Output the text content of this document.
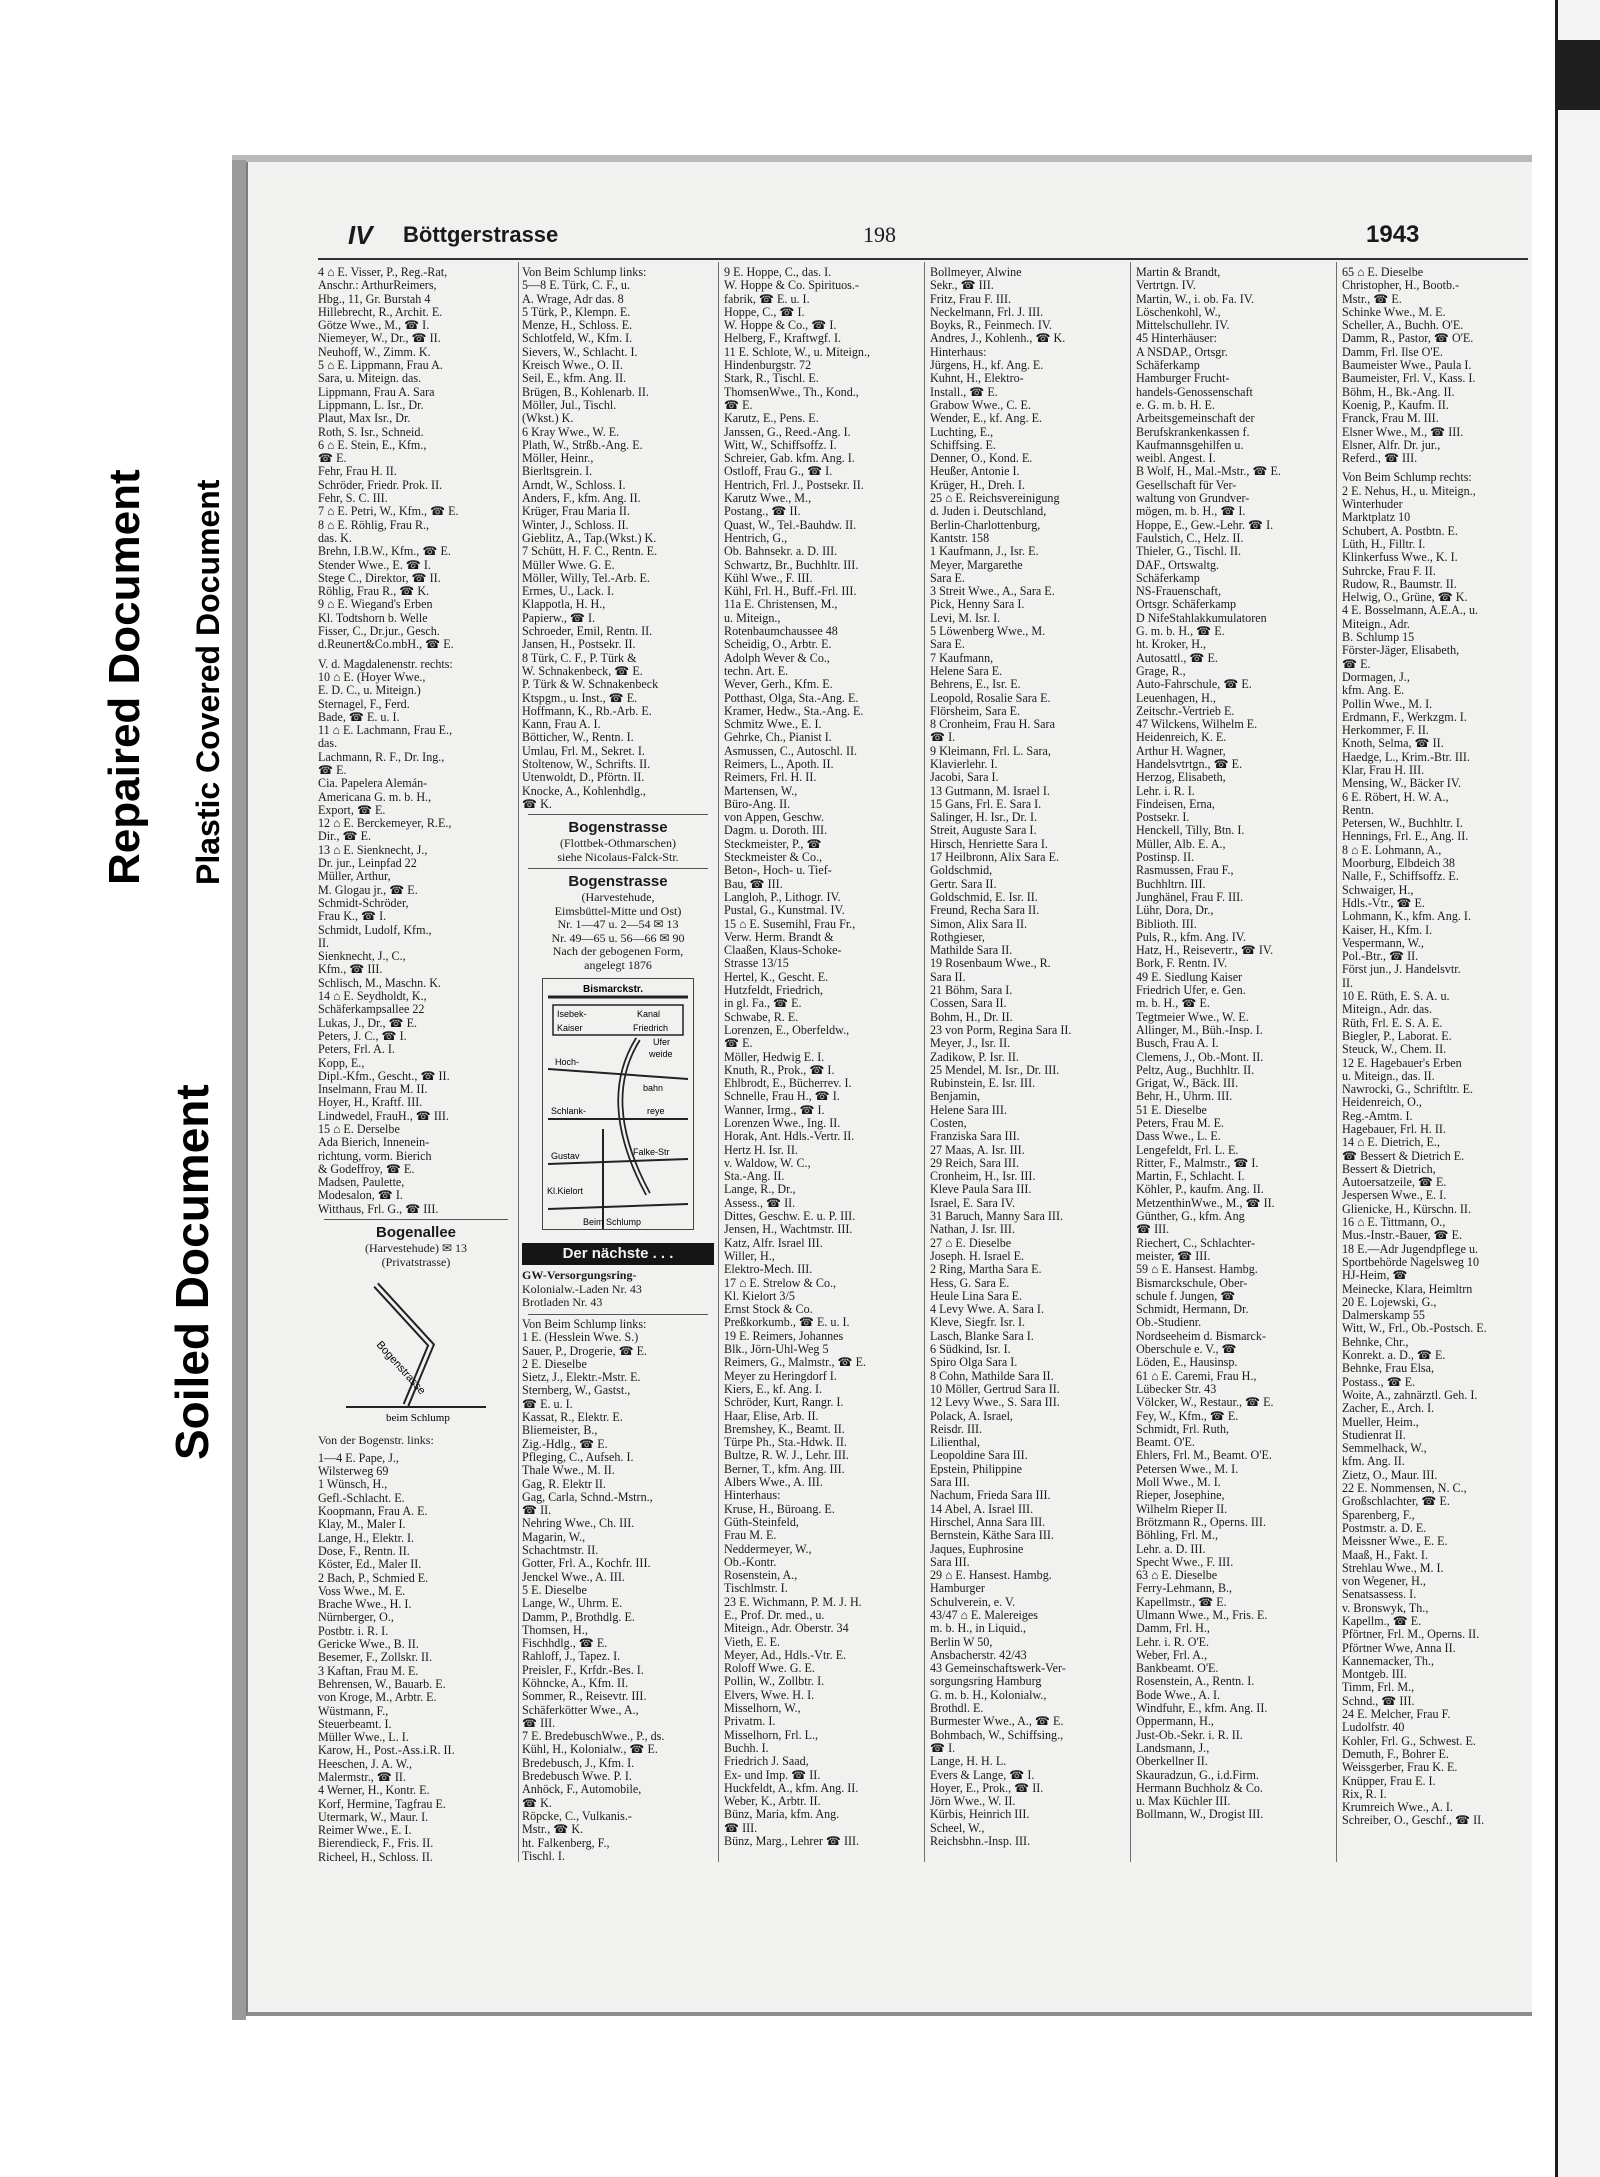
Repaired Document Plastic Covered Document
Soiled Document
IV Böttgerstrasse	198	1943
4 ⌂ E. Visser, P., Reg.-Rat,
Anschr.: ArthurReimers,
Hbg., 11, Gr. Burstah 4
Hillebrecht, R., Archit. E.
Götze Wwe., M., ☎ I.
Niemeyer, W., Dr., ☎ II.
Neuhoff, W., Zimm. K.
5 ⌂ E. Lippmann, Frau A.
Sara, u. Miteign. das.
Lippmann, Frau A. Sara
Lippmann, L. Isr., Dr.
Plaut, Max Isr., Dr.
Roth, S. Isr., Schneid.
6 ⌂ E. Stein, E., Kfm.,
☎ E.
Fehr, Frau H. II.
Schröder, Friedr. Prok. II.
Fehr, S. C. III.
7 ⌂ E. Petri, W., Kfm., ☎ E.
8 ⌂ E. Röhlig, Frau R.,
das. K.
Brehn, I.B.W., Kfm., ☎ E.
Stender Wwe., E. ☎ I.
Stege C., Direktor, ☎ II.
Röhlig, Frau R., ☎ K.
9 ⌂ E. Wiegand's Erben
Kl. Todtshorn b. Welle
Fisser, C., Dr.jur., Gesch.
d.Reunert&Co.mbH., ☎ E.
V. d. Magdalenenstr. rechts:
10 ⌂ E. (Hoyer Wwe.,
E. D. C., u. Miteign.)
Sternagel, F., Ferd.
Bade, ☎ E. u. I.
11 ⌂ E. Lachmann, Frau E.,
das.
Lachmann, R. F., Dr. Ing.,
☎ E.
Cia. Papelera Alemán-
Americana G. m. b. H.,
Export, ☎ E.
12 ⌂ E. Berckemeyer, R.E.,
Dir., ☎ E.
13 ⌂ E. Sienknecht, J.,
Dr. jur., Leinpfad 22
Müller, Arthur,
M. Glogau jr., ☎ E.
Schmidt-Schröder,
Frau K., ☎ I.
Schmidt, Ludolf, Kfm.,
II.
Sienknecht, J., C.,
Kfm., ☎ III.
Schlisch, M., Maschn. K.
14 ⌂ E. Seydholdt, K.,
Schäferkampsallee 22
Lukas, J., Dr., ☎ E.
Peters, J. C., ☎ I.
Peters, Frl. A. I.
Kopp, E.,
Dipl.-Kfm., Gescht., ☎ II.
Inselmann, Frau M. II.
Hoyer, H., Kraftf. III.
Lindwedel, FrauH., ☎ III.
15 ⌂ E. Derselbe
Ada Bierich, Innenein-
richtung, vorm. Bierich
& Godeffroy, ☎ E.
Madsen, Paulette,
Modesalon, ☎ I.
Witthaus, Frl. G., ☎ III.
Bogenallee
(Harvestehude) ✉ 13
(Privatstrasse)
Bogenstrasse
beim Schlump
Von der Bogenstr. links:
1—4 E. Pape, J.,
Wilsterweg 69
1 Wünsch, H.,
Gefl.-Schlacht. E.
Koopmann, Frau A. E.
Klay, M., Maler I.
Lange, H., Elektr. I.
Dose, F., Rentn. II.
Köster, Ed., Maler II.
2 Bach, P., Schmied E.
Voss Wwe., M. E.
Brache Wwe., H. I.
Nürnberger, O.,
Postbtr. i. R. I.
Gericke Wwe., B. II.
Besemer, F., Zollskr. II.
3 Kaftan, Frau M. E.
Behrensen, W., Bauarb. E.
von Kroge, M., Arbtr. E.
Wüstmann, F.,
Steuerbeamt. I.
Müller Wwe., L. I.
Karow, H., Post.-Ass.i.R. II.
Heeschen, J. A. W.,
Malermstr., ☎ II.
4 Werner, H., Kontr. E.
Korf, Hermine, Tagfrau E.
Utermark, W., Maur. I.
Reimer Wwe., E. I.
Bierendieck, F., Fris. II.
Richeel, H., Schloss. II.
Von Beim Schlump links:
5—8 E. Türk, C. F., u.
A. Wrage, Adr das. 8
5 Türk, P., Klempn. E.
Menze, H., Schloss. E.
Schlotfeld, W., Kfm. I.
Sievers, W., Schlacht. I.
Kreisch Wwe., O. II.
Seil, E., kfm. Ang. II.
Brügen, B., Kohlenarb. II.
Möller, Jul., Tischl.
(Wkst.) K.
6 Kray Wwe., W. E.
Plath, W., Strßb.-Ang. E.
Möller, Heinr.,
Bierltsgrein. I.
Arndt, W., Schloss. I.
Anders, F., kfm. Ang. II.
Krüger, Frau Maria II.
Winter, J., Schloss. II.
Gieblitz, A., Tap.(Wkst.) K.
7 Schütt, H. F. C., Rentn. E.
Müller Wwe. G. E.
Möller, Willy, Tel.-Arb. E.
Ermes, U., Lack. I.
Klappotla, H. H.,
Papierw., ☎ I.
Schroeder, Emil, Rentn. II.
Jansen, H., Postsekr. II.
8 Türk, C. F., P. Türk &
W. Schnakenbeck, ☎ E.
P. Türk & W. Schnakenbeck
Ktspgm., u. Inst., ☎ E.
Hoffmann, K., Rb.-Arb. E.
Kann, Frau A. I.
Bötticher, W., Rentn. I.
Umlau, Frl. M., Sekret. I.
Stoltenow, W., Schrifts. II.
Utenwoldt, D., Pförtn. II.
Knocke, A., Kohlenhdlg.,
☎ K.
Bogenstrasse
(Flottbek-Othmarschen)
siehe Nicolaus-Falck-Str.
Bogenstrasse
(Harvestehude,
Eimsbüttel-Mitte und Ost)
Nr. 1—47 u. 2—54 ✉ 13
Nr. 49—65 u. 56—66 ✉ 90
Nach der gebogenen Form,
angelegt 1876
Bismarckstr.
Isebek-	Kanal
Kaiser	Friedrich
Ufer
weide
Hoch-
bahn
Schlank-	reye
Gustav	Falke-Str
Kl.Kielort
Beim Schlump
Der nächste . . .
GW-Versorgungsring-
Kolonialw.-Laden Nr. 43
Brotladen Nr. 43
Von Beim Schlump links:
1 E. (Hesslein Wwe. S.)
Sauer, P., Drogerie, ☎ E.
2 E. Dieselbe
Sietz, J., Elektr.-Mstr. E.
Sternberg, W., Gastst.,
☎ E. u. I.
Kassat, R., Elektr. E.
Bliemeister, B.,
Zig.-Hdlg., ☎ E.
Pfleging, C., Aufseh. I.
Thale Wwe., M. II.
Gag, R. Elektr II.
Gag, Carla, Schnd.-Mstrn.,
☎ II.
Nehring Wwe., Ch. III.
Magarin, W.,
Schachtmstr. II.
Gotter, Frl. A., Kochfr. III.
Jenckel Wwe., A. III.
5 E. Dieselbe
Lange, W., Uhrm. E.
Damm, P., Brothdlg. E.
Thomsen, H.,
Fischhdlg., ☎ E.
Rahloff, J., Tapez. I.
Preisler, F., Krfdr.-Bes. I.
Köhncke, A., Kfm. II.
Sommer, R., Reisevtr. III.
Schäferkötter Wwe., A.,
☎ III.
7 E. BredebuschWwe., P., ds.
Kühl, H., Kolonialw., ☎ E.
Bredebusch, J., Kfm. I.
Bredebusch Wwe. P. I.
Anhöck, F., Automobile,
☎ K.
Röpcke, C., Vulkanis.-
Mstr., ☎ K.
ht. Falkenberg, F.,
Tischl. I.
9 E. Hoppe, C., das. I.
W. Hoppe & Co. Spirituos.-
fabrik, ☎ E. u. I.
Hoppe, C., ☎ I.
W. Hoppe & Co., ☎ I.
Helberg, F., Kraftwgf. I.
11 E. Schlote, W., u. Miteign.,
Hindenburgstr. 72
Stark, R., Tischl. E.
ThomsenWwe., Th., Kond.,
☎ E.
Karutz, E., Pens. E.
Janssen, G., Reed.-Ang. I.
Witt, W., Schiffsoffz. I.
Schreier, Gab. kfm. Ang. I.
Ostloff, Frau G., ☎ I.
Hentrich, Frl. J., Postsekr. II.
Karutz Wwe., M.,
Postang., ☎ II.
Quast, W., Tel.-Bauhdw. II.
Hentrich, G.,
Ob. Bahnsekr. a. D. III.
Schwartz, Br., Buchhltr. III.
Kühl Wwe., F. III.
Kühl, Frl. H., Buff.-Frl. III.
11a E. Christensen, M.,
u. Miteign.,
Rotenbaumchaussee 48
Scheidig, O., Arbtr. E.
Adolph Wever & Co.,
techn. Art. E.
Wever, Gerh., Kfm. E.
Potthast, Olga, Sta.-Ang. E.
Kramer, Hedw., Sta.-Ang. E.
Schmitz Wwe., E. I.
Gehrke, Ch., Pianist I.
Asmussen, C., Autoschl. II.
Reimers, L., Apoth. II.
Reimers, Frl. H. II.
Martensen, W.,
Büro-Ang. II.
von Appen, Geschw.
Dagm. u. Doroth. III.
Steckmeister, P., ☎
Steckmeister & Co.,
Beton-, Hoch- u. Tief-
Bau, ☎ III.
Langloh, P., Lithogr. IV.
Pustal, G., Kunstmal. IV.
15 ⌂ E. Susemihl, Frau Fr.,
Verw. Herm. Brandt &
Claaßen, Klaus-Schoke-
Strasse 13/15
Hertel, K., Gescht. E.
Hutzfeldt, Friedrich,
in gl. Fa., ☎ E.
Schwabe, R. E.
Lorenzen, E., Oberfeldw.,
☎ E.
Möller, Hedwig E. I.
Knuth, R., Prok., ☎ I.
Ehlbrodt, E., Bücherrev. I.
Schnelle, Frau H., ☎ I.
Wanner, Irmg., ☎ I.
Lorenzen Wwe., Ing. II.
Horak, Ant. Hdls.-Vertr. II.
Hertz H. Isr. II.
v. Waldow, W. C.,
Sta.-Ang. II.
Lange, R., Dr.,
Assess., ☎ II.
Dittes, Geschw. E. u. P. III.
Jensen, H., Wachtmstr. III.
Katz, Alfr. Israel III.
Willer, H.,
Elektro-Mech. III.
17 ⌂ E. Strelow & Co.,
Kl. Kielort 3/5
Ernst Stock & Co.
Preßkorkumb., ☎ E. u. I.
19 E. Reimers, Johannes
Blk., Jörn-Uhl-Weg 5
Reimers, G., Malmstr., ☎ E.
Meyer zu Heringdorf I.
Kiers, E., kf. Ang. I.
Schröder, Kurt, Rangr. I.
Haar, Elise, Arb. II.
Bremshey, K., Beamt. II.
Türpe Ph., Sta.-Hdwk. II.
Bultze, R. W. J., Lehr. III.
Berner, T., kfm. Ang. III.
Albers Wwe., A. III.
Hinterhaus:
Kruse, H., Büroang. E.
Güth-Steinfeld,
Frau M. E.
Neddermeyer, W.,
Ob.-Kontr.
Rosenstein, A.,
Tischlmstr. I.
23 E. Wichmann, P. M. J. H.
E., Prof. Dr. med., u.
Miteign., Adr. Oberstr. 34
Vieth, E. E.
Meyer, Ad., Hdls.-Vtr. E.
Roloff Wwe. G. E.
Pollin, W., Zollbtr. I.
Elvers, Wwe. H. I.
Misselhorn, W.,
Privatm. I.
Misselhorn, Frl. L.,
Buchh. I.
Friedrich J. Saad,
Ex- und Imp. ☎ II.
Huckfeldt, A., kfm. Ang. II.
Weber, K., Arbtr. II.
Bünz, Maria, kfm. Ang.
☎ III.
Bünz, Marg., Lehrer ☎ III.
Bollmeyer, Alwine
Sekr., ☎ III.
Fritz, Frau F. III.
Neckelmann, Frl. J. III.
Boyks, R., Feinmech. IV.
Andres, J., Kohlenh., ☎ K.
Hinterhaus:
Jürgens, H., kf. Ang. E.
Kuhnt, H., Elektro-
Install., ☎ E.
Grabow Wwe., C. E.
Wender, E., kf. Ang. E.
Luchting, E.,
Schiffsing. E.
Denner, O., Kond. E.
Heußer, Antonie I.
Krüger, H., Dreh. I.
25 ⌂ E. Reichsvereinigung
d. Juden i. Deutschland,
Berlin-Charlottenburg,
Kantstr. 158
1 Kaufmann, J., Isr. E.
Meyer, Margarethe
Sara E.
3 Streit Wwe., A., Sara E.
Pick, Henny Sara I.
Levi, M. Isr. I.
5 Löwenberg Wwe., M.
Sara E.
7 Kaufmann,
Helene Sara E.
Behrens, E., Isr. E.
Leopold, Rosalie Sara E.
Flörsheim, Sara E.
8 Cronheim, Frau H. Sara
☎ I.
9 Kleimann, Frl. L. Sara,
Klavierlehr. I.
Jacobi, Sara I.
13 Gutmann, M. Israel I.
15 Gans, Frl. E. Sara I.
Salinger, H. Isr., Dr. I.
Streit, Auguste Sara I.
Hirsch, Henriette Sara I.
17 Heilbronn, Alix Sara E.
Goldschmid,
Gertr. Sara II.
Goldschmid, E. Isr. II.
Freund, Recha Sara II.
Simon, Alix Sara II.
Rothgieser,
Mathilde Sara II.
19 Rosenbaum Wwe., R.
Sara II.
21 Böhm, Sara I.
Cossen, Sara II.
Bohm, H., Dr. II.
23 von Porm, Regina Sara II.
Meyer, J., Isr. II.
Zadikow, P. Isr. II.
25 Mendel, M. Isr., Dr. III.
Rubinstein, E. Isr. III.
Benjamin,
Helene Sara III.
Costen,
Franziska Sara III.
27 Maas, A. Isr. III.
29 Reich, Sara III.
Cronheim, H., Isr. III.
Kleve Paula Sara III.
Israel, E. Sara IV.
31 Baruch, Manny Sara III.
Nathan, J. Isr. III.
27 ⌂ E. Dieselbe
Joseph. H. Israel E.
2 Ring, Martha Sara E.
Hess, G. Sara E.
Heule Lina Sara E.
4 Levy Wwe. A. Sara I.
Kleve, Siegfr. Isr. I.
Lasch, Blanke Sara I.
6 Südkind, Isr. I.
Spiro Olga Sara I.
8 Cohn, Mathilde Sara II.
10 Möller, Gertrud Sara II.
12 Levy Wwe., S. Sara III.
Polack, A. Israel,
Reisdr. III.
Lilienthal,
Leopoldine Sara III.
Epstein, Philippine
Sara III.
Nachum, Frieda Sara III.
14 Abel, A. Israel III.
Hirschel, Anna Sara III.
Bernstein, Käthe Sara III.
Jaques, Euphrosine
Sara III.
29 ⌂ E. Hansest. Hambg.
Hamburger
Schulverein, e. V.
43/47 ⌂ E. Malereiges
m. b. H., in Liquid.,
Berlin W 50,
Ansbacherstr. 42/43
43 Gemeinschaftswerk-Ver-
sorgungsring Hamburg
G. m. b. H., Kolonialw.,
Brothdl. E.
Burmester Wwe., A., ☎ E.
Bohmbach, W., Schiffsing.,
☎ I.
Lange, H. H. L.
Evers & Lange, ☎ I.
Hoyer, E., Prok., ☎ II.
Jörn Wwe., W. II.
Kürbis, Heinrich III.
Scheel, W.,
Reichsbhn.-Insp. III.
Martin & Brandt,
Vertrtgn. IV.
Martin, W., i. ob. Fa. IV.
Löschenkohl, W.,
Mittelschullehr. IV.
45 Hinterhäuser:
A NSDAP., Ortsgr.
Schäferkamp
Hamburger Frucht-
handels-Genossenschaft
e. G. m. b. H. E.
Arbeitsgemeinschaft der
Berufskrankenkassen f.
Kaufmannsgehilfen u.
weibl. Angest. I.
B Wolf, H., Mal.-Mstr., ☎ E.
Gesellschaft für Ver-
waltung von Grundver-
mögen, m. b. H., ☎ I.
Hoppe, E., Gew.-Lehr. ☎ I.
Faulstich, C., Helz. II.
Thieler, G., Tischl. II.
DAF., Ortswaltg.
Schäferkamp
NS-Frauenschaft,
Ortsgr. Schäferkamp
D NifeStahlakkumulatoren
G. m. b. H., ☎ E.
ht. Kroker, H.,
Autosattl., ☎ E.
Grage, R.,
Auto-Fahrschule, ☎ E.
Leuenhagen, H.,
Zeitschr.-Vertrieb E.
47 Wilckens, Wilhelm E.
Heidenreich, K. E.
Arthur H. Wagner,
Handelsvtrtgn., ☎ E.
Herzog, Elisabeth,
Lehr. i. R. I.
Findeisen, Erna,
Postsekr. I.
Henckell, Tilly, Btn. I.
Müller, Alb. E. A.,
Postinsp. II.
Rasmussen, Frau F.,
Buchhltrn. III.
Junghänel, Frau F. III.
Lühr, Dora, Dr.,
Biblioth. III.
Puls, R., kfm. Ang. IV.
Hatz, H., Reisevertr., ☎ IV.
Bork, F. Rentn. IV.
49 E. Siedlung Kaiser
Friedrich Ufer, e. Gen.
m. b. H., ☎ E.
Tegtmeier Wwe., W. E.
Allinger, M., Büh.-Insp. I.
Busch, Frau A. I.
Clemens, J., Ob.-Mont. II.
Peltz, Aug., Buchhltr. II.
Grigat, W., Bäck. III.
Behr, H., Uhrm. III.
51 E. Dieselbe
Peters, Frau M. E.
Dass Wwe., L. E.
Lengefeldt, Frl. L. E.
Ritter, F., Malmstr., ☎ I.
Martin, F., Schlacht. I.
Köhler, P., kaufm. Ang. II.
MetzenthinWwe., M., ☎ II.
Günther, G., kfm. Ang
☎ III.
Riechert, C., Schlachter-
meister, ☎ III.
59 ⌂ E. Hansest. Hambg.
Bismarckschule, Ober-
schule f. Jungen, ☎
Schmidt, Hermann, Dr.
Ob.-Studienr.
Nordseeheim d. Bismarck-
Oberschule e. V., ☎
Löden, E., Hausinsp.
61 ⌂ E. Caremi, Frau H.,
Lübecker Str. 43
Völcker, W., Restaur., ☎ E.
Fey, W., Kfm., ☎ E.
Schmidt, Frl. Ruth,
Beamt. O'E.
Ehlers, Frl. M., Beamt. O'E.
Petersen Wwe., M. I.
Moll Wwe., M. I.
Rieper, Josephine,
Wilhelm Rieper II.
Brötzmann R., Operns. III.
Böhling, Frl. M.,
Lehr. a. D. III.
Specht Wwe., F. III.
63 ⌂ E. Dieselbe
Ferry-Lehmann, B.,
Kapellmstr., ☎ E.
Ulmann Wwe., M., Fris. E.
Damm, Frl. H.,
Lehr. i. R. O'E.
Weber, Frl. A.,
Bankbeamt. O'E.
Rosenstein, A., Rentn. I.
Bode Wwe., A. I.
Windfuhr, E., kfm. Ang. II.
Oppermann, H.,
Just-Ob.-Sekr. i. R. II.
Landsmann, J.,
Oberkellner II.
Skauradzun, G., i.d.Firm.
Hermann Buchholz & Co.
u. Max Küchler III.
Bollmann, W., Drogist III.
65 ⌂ E. Dieselbe
Christopher, H., Bootb.-
Mstr., ☎ E.
Schinke Wwe., M. E.
Scheller, A., Buchh. O'E.
Damm, R., Pastor, ☎ O'E.
Damm, Frl. Ilse O'E.
Baumeister Wwe., Paula I.
Baumeister, Frl. V., Kass. I.
Böhm, H., Bk.-Ang. II.
Koenig, P., Kaufm. II.
Franck, Frau M. III.
Elsner Wwe., M., ☎ III.
Elsner, Alfr. Dr. jur.,
Referd., ☎ III.
Von Beim Schlump rechts:
2 E. Nehus, H., u. Miteign.,
Winterhuder
Marktplatz 10
Schubert, A. Postbtn. E.
Lüth, H., Filltr. I.
Klinkerfuss Wwe., K. I.
Suhrcke, Frau F. II.
Rudow, R., Baumstr. II.
Helwig, O., Grüne, ☎ K.
4 E. Bosselmann, A.E.A., u.
Miteign., Adr.
B. Schlump 15
Förster-Jäger, Elisabeth,
☎ E.
Dormagen, J.,
kfm. Ang. E.
Pollin Wwe., M. I.
Erdmann, F., Werkzgm. I.
Herkommer, F. II.
Knoth, Selma, ☎ II.
Haedge, L., Krim.-Btr. III.
Klar, Frau H. III.
Mensing, W., Bäcker IV.
6 E. Röbert, H. W. A.,
Rentn.
Petersen, W., Buchhltr. I.
Hennings, Frl. E., Ang. II.
8 ⌂ E. Lohmann, A.,
Moorburg, Elbdeich 38
Nalle, F., Schiffsoffz. E.
Schwaiger, H.,
Hdls.-Vtr., ☎ E.
Lohmann, K., kfm. Ang. I.
Kaiser, H., Kfm. I.
Vespermann, W.,
Pol.-Btr., ☎ II.
Först jun., J. Handelsvtr.
II.
10 E. Rüth, E. S. A. u.
Miteign., Adr. das.
Rüth, Frl. E. S. A. E.
Biegler, P., Laborat. E.
Steuck, W., Chem. II.
12 E. Hagebauer's Erben
u. Miteign., das. II.
Nawrocki, G., Schriftltr. E.
Heidenreich, O.,
Reg.-Amtm. I.
Hagebauer, Frl. H. II.
14 ⌂ E. Dietrich, E.,
☎ Bessert & Dietrich E.
Bessert & Dietrich,
Autoersatzeile, ☎ E.
Jespersen Wwe., E. I.
Glienicke, H., Kürschn. II.
16 ⌂ E. Tittmann, O.,
Mus.-Instr.-Bauer, ☎ E.
18 E.—Adr Jugendpflege u.
Sportbehörde Nagelsweg 10
HJ-Heim, ☎
Meinecke, Klara, Heimltrn
20 E. Lojewski, G.,
Dalmerskamp 55
Witt, W., Frl., Ob.-Postsch. E.
Behnke, Chr.,
Konrekt. a. D., ☎ E.
Behnke, Frau Elsa,
Postass., ☎ E.
Woite, A., zahnärztl. Geh. I.
Zacher, E., Arch. I.
Mueller, Heim.,
Studienrat II.
Semmelhack, W.,
kfm. Ang. II.
Zietz, O., Maur. III.
22 E. Nommensen, N. C.,
Großschlachter, ☎ E.
Sparenberg, F.,
Postmstr. a. D. E.
Meissner Wwe., E. E.
Maaß, H., Fakt. I.
Strehlau Wwe., M. I.
von Wegener, H.,
Senatsassess. I.
v. Bronswyk, Th.,
Kapellm., ☎ E.
Pförtner, Frl. M., Operns. II.
Pförtner Wwe, Anna II.
Kannemacker, Th.,
Montgeb. III.
Timm, Frl. M.,
Schnd., ☎ III.
24 E. Melcher, Frau F.
Ludolfstr. 40
Kohler, Frl. G., Schwest. E.
Demuth, F., Bohrer E.
Weissgerber, Frau K. E.
Knüpper, Frau E. I.
Rix, R. I.
Krumreich Wwe., A. I.
Schreiber, O., Geschf., ☎ II.
